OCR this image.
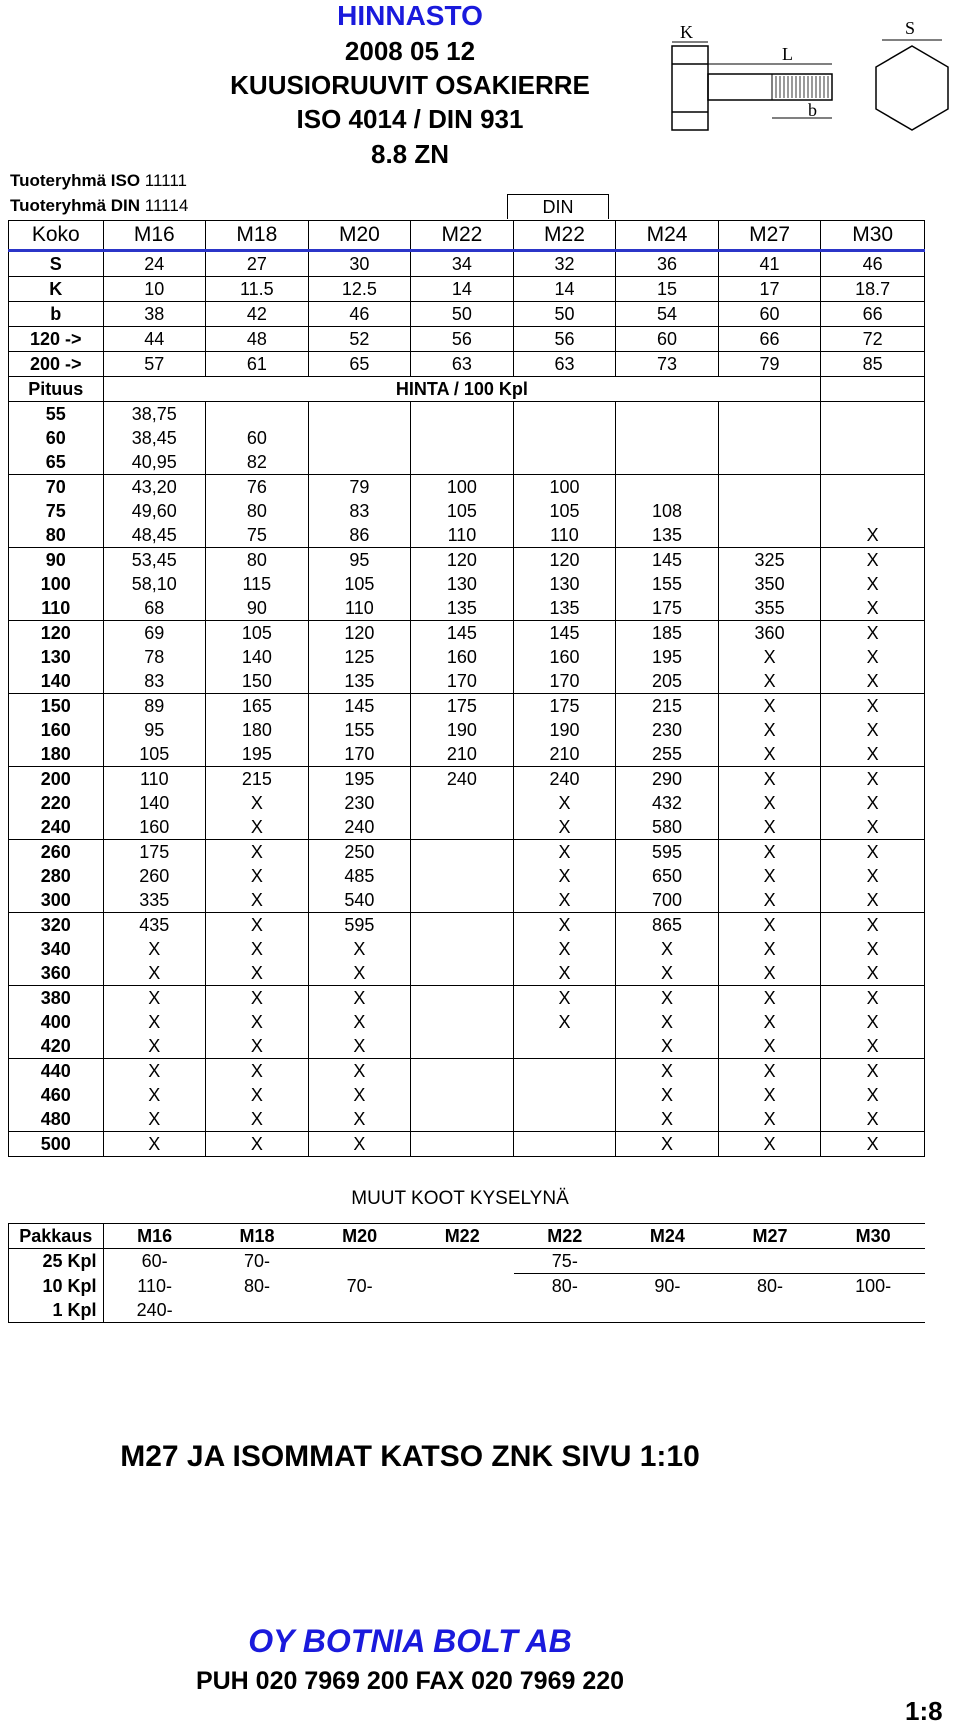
HINNASTO
2008 05 12
KUUSIORUUVIT OSAKIERRE
ISO 4014 / DIN 931
8.8 ZN
K
L
b
S
Tuoteryhmä ISO 11111
Tuoteryhmä DIN 11114	DIN
Koko	M16	M18	M20	M22	M22	M24	M27	M30
S	24	27	30	34	32	36	41	46
K	10	11.5	12.5	14	14	15	17	18.7
b	38	42	46	50	50	54	60	66
120 ->	44	48	52	56	56	60	66	72
200 ->	57	61	65	63	63	73	79	85
Pituus	HINTA / 100 Kpl							
55	38,75							
60	38,45	60						
65	40,95	82						
70	43,20	76	79	100	100			
75	49,60	80	83	105	105	108		
80	48,45	75	86	110	110	135		X
90	53,45	80	95	120	120	145	325	X
100	58,10	115	105	130	130	155	350	X
110	68	90	110	135	135	175	355	X
120	69	105	120	145	145	185	360	X
130	78	140	125	160	160	195	X	X
140	83	150	135	170	170	205	X	X
150	89	165	145	175	175	215	X	X
160	95	180	155	190	190	230	X	X
180	105	195	170	210	210	255	X	X
200	110	215	195	240	240	290	X	X
220	140	X	230		X	432	X	X
240	160	X	240		X	580	X	X
260	175	X	250		X	595	X	X
280	260	X	485		X	650	X	X
300	335	X	540		X	700	X	X
320	435	X	595		X	865	X	X
340	X	X	X		X	X	X	X
360	X	X	X		X	X	X	X
380	X	X	X		X	X	X	X
400	X	X	X		X	X	X	X
420	X	X	X			X	X	X
440	X	X	X			X	X	X
460	X	X	X			X	X	X
480	X	X	X			X	X	X
500	X	X	X			X	X	X
MUUT KOOT KYSELYNÄ
Pakkaus	M16	M18	M20	M22	M22	M24	M27	M30
25 Kpl	60-	70-			75-			
10 Kpl	110-	80-	70-		80-	90-	80-	100-
1 Kpl	240-							
M27 JA ISOMMAT KATSO ZNK SIVU 1:10
OY BOTNIA BOLT AB
PUH 020 7969 200 FAX 020 7969 220
1:8
